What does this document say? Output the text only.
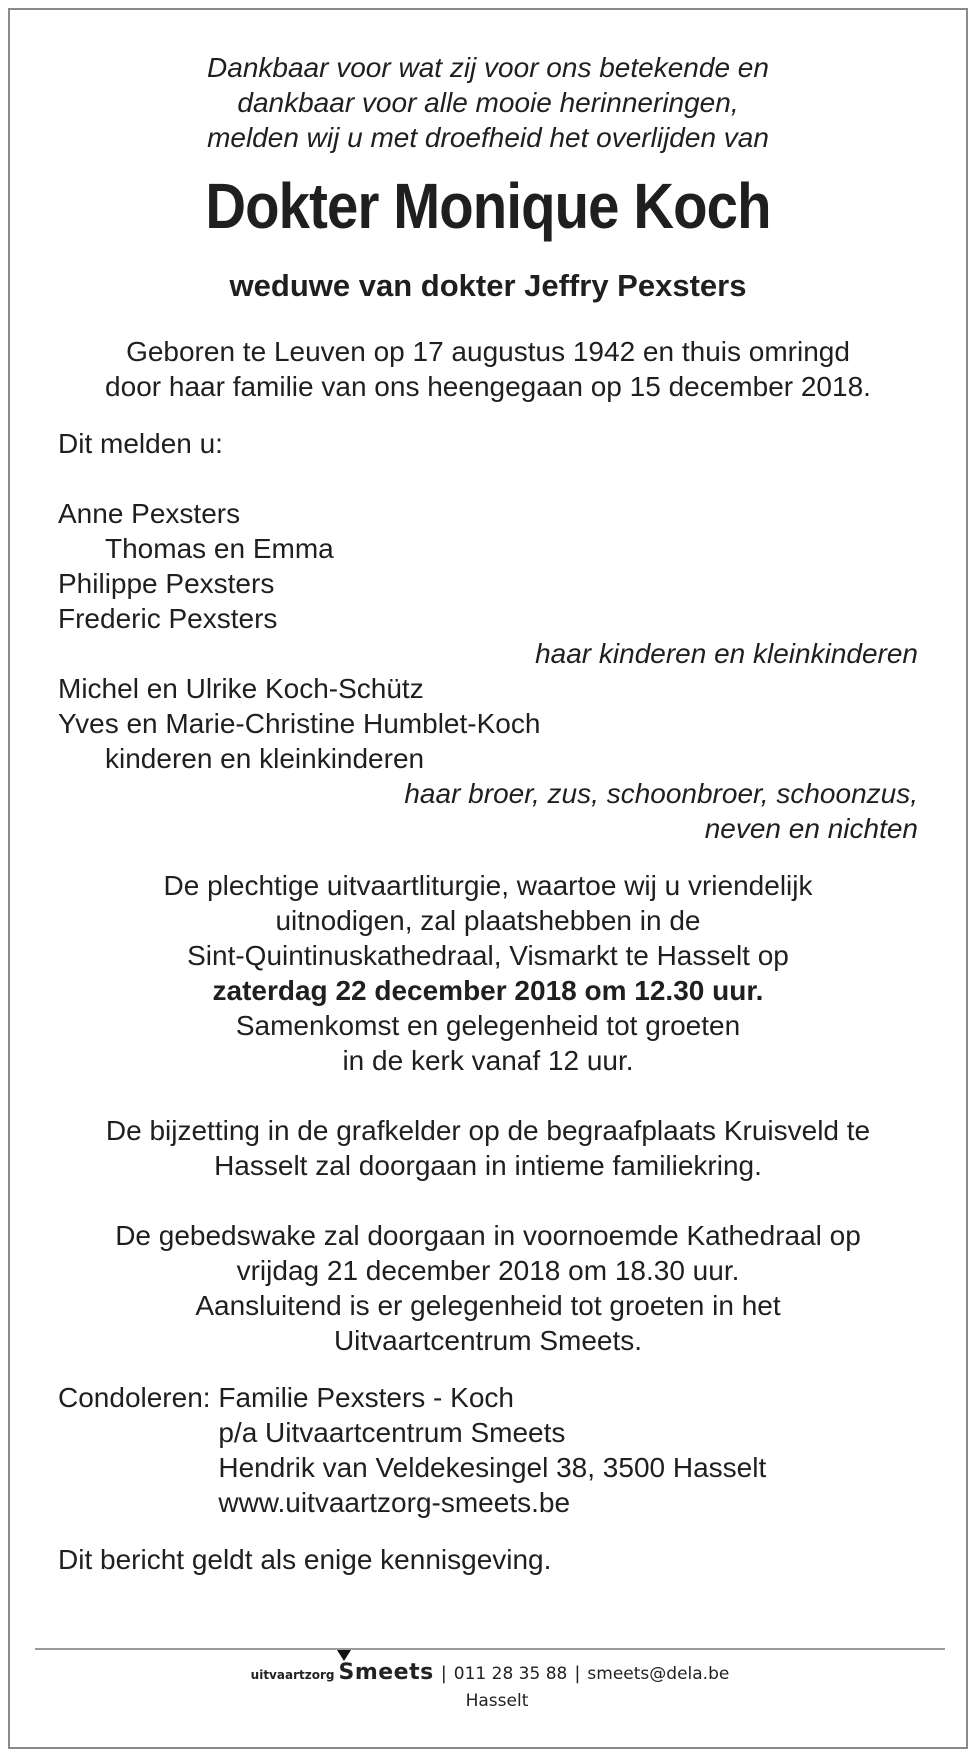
Dankbaar voor wat zij voor ons betekende en
dankbaar voor alle mooie herinneringen,
melden wij u met droefheid het overlijden van
Dokter Monique Koch
weduwe van dokter Jeffry Pexsters
Geboren te Leuven op 17 augustus 1942 en thuis omringd
door haar familie van ons heengegaan op 15 december 2018.
Dit melden u:
Anne Pexsters
Thomas en Emma
Philippe Pexsters
Frederic Pexsters
haar kinderen en kleinkinderen
Michel en Ulrike Koch-Schütz
Yves en Marie-Christine Humblet-Koch
kinderen en kleinkinderen
haar broer, zus, schoonbroer, schoonzus,
neven en nichten
De plechtige uitvaartliturgie, waartoe wij u vriendelijk
uitnodigen, zal plaatshebben in de
Sint-Quintinuskathedraal, Vismarkt te Hasselt op
zaterdag 22 december 2018 om 12.30 uur.
Samenkomst en gelegenheid tot groeten
in de kerk vanaf 12 uur.
De bijzetting in de grafkelder op de begraafplaats Kruisveld te
Hasselt zal doorgaan in intieme familiekring.
De gebedswake zal doorgaan in voornoemde Kathedraal op
vrijdag 21 december 2018 om 18.30 uur.
Aansluitend is er gelegenheid tot groeten in het
Uitvaartcentrum Smeets.
Condoleren: Familie Pexsters - Koch
p/a Uitvaartcentrum Smeets
Hendrik van Veldekesingel 38, 3500 Hasselt
www.uitvaartzorg-smeets.be
Dit bericht geldt als enige kennisgeving.
uitvaartzorg Smeets | 011 28 35 88 | smeets@dela.be
Hasselt
